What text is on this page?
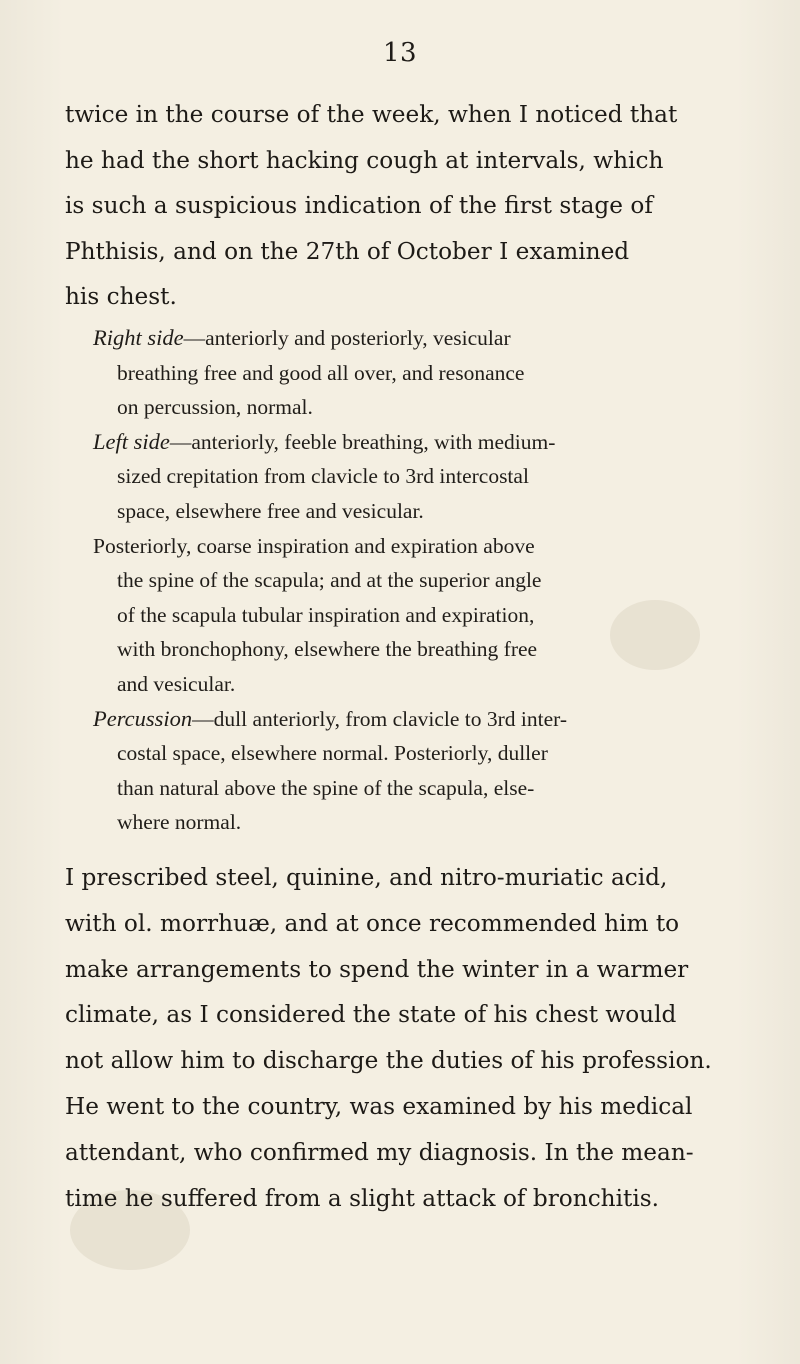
13
twice in the course of the week, when I noticed that
he had the short hacking cough at intervals, which
is such a suspicious indication of the first stage of
Phthisis, and on the 27th of October I examined
his chest.
Right side—anteriorly and posteriorly, vesicular
breathing free and good all over, and resonance
on percussion, normal.
Left side—anteriorly, feeble breathing, with medium-
sized crepitation from clavicle to 3rd intercostal
space, elsewhere free and vesicular.
Posteriorly, coarse inspiration and expiration above
the spine of the scapula; and at the superior angle
of the scapula tubular inspiration and expiration,
with bronchophony, elsewhere the breathing free
and vesicular.
Percussion—dull anteriorly, from clavicle to 3rd inter-
costal space, elsewhere normal. Posteriorly, duller
than natural above the spine of the scapula, else-
where normal.
I prescribed steel, quinine, and nitro-muriatic acid,
with ol. morrhuæ, and at once recommended him to
make arrangements to spend the winter in a warmer
climate, as I considered the state of his chest would
not allow him to discharge the duties of his profession.
He went to the country, was examined by his medical
attendant, who confirmed my diagnosis. In the mean-
time he suffered from a slight attack of bronchitis.
